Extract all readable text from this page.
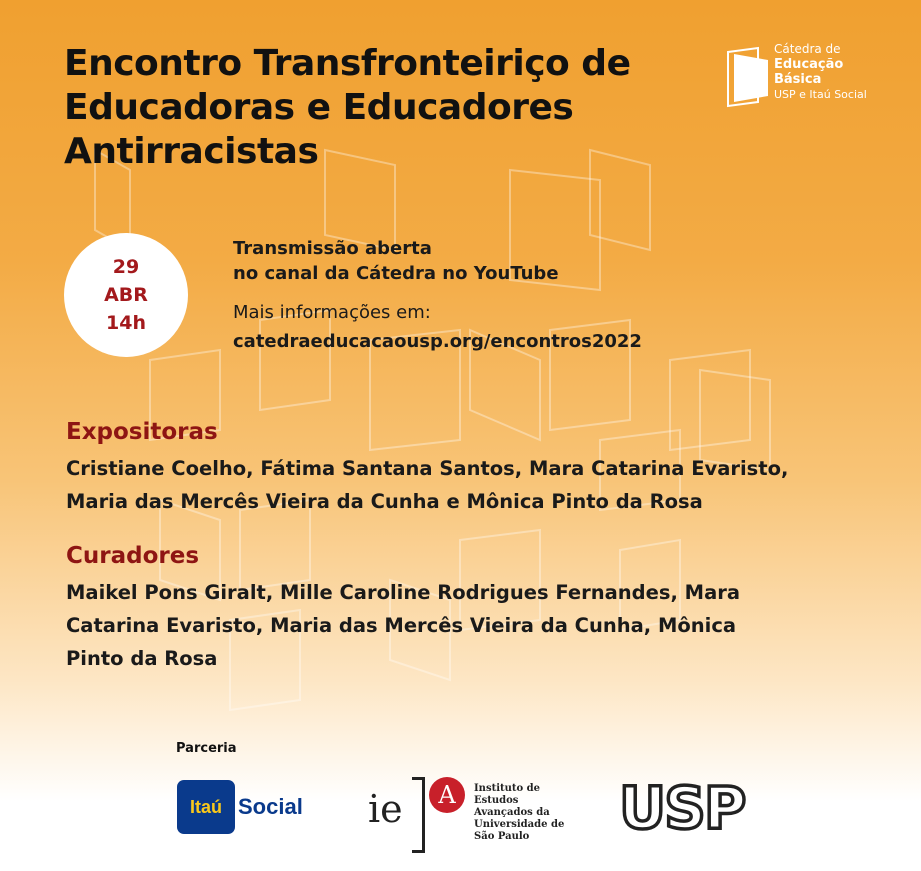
Encontro Transfronteiriço de
Educadoras e Educadores
Antirracistas
Cátedra de
Educação
Básica
USP e Itaú Social
29
ABR
14h
Transmissão aberta
no canal da Cátedra no YouTube
Mais informações em:
catedraeducacaousp.org/encontros2022
Expositoras
Cristiane Coelho, Fátima Santana Santos, Mara Catarina Evaristo,
Maria das Mercês Vieira da Cunha e Mônica Pinto da Rosa
Curadores
Maikel Pons Giralt, Mille Caroline Rodrigues Fernandes, Mara
Catarina Evaristo, Maria das Mercês Vieira da Cunha, Mônica
Pinto da Rosa
Parceria
Itaú Social ie	A	Instituto de
Estudos
Avançados da
Universidade de
São Paulo	USP
